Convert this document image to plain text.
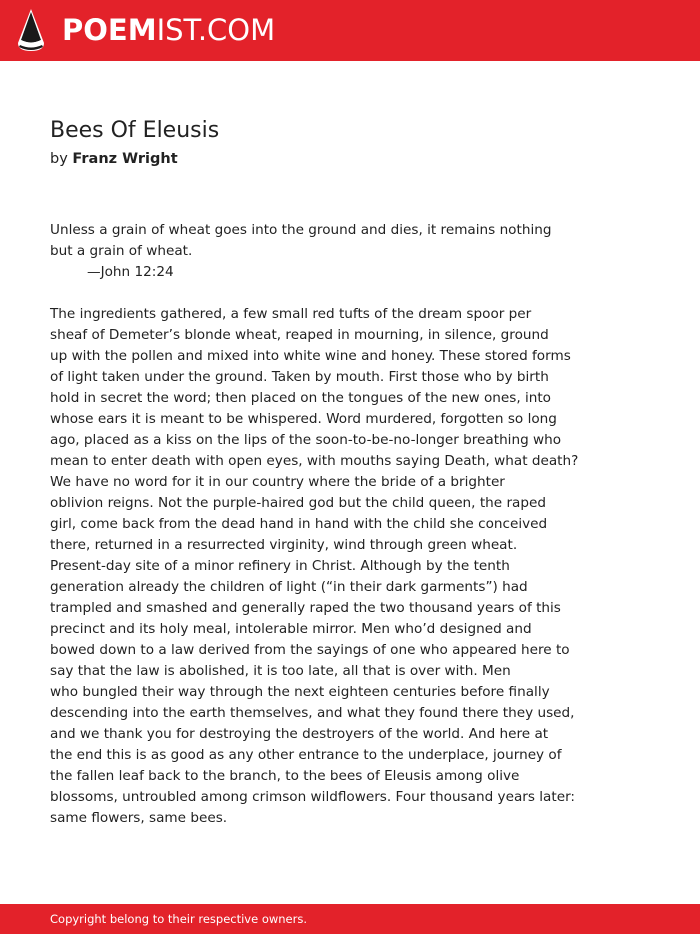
POEMIST.COM
Bees Of Eleusis
by Franz Wright
Unless a grain of wheat goes into the ground and dies, it remains nothing
but a grain of wheat.
—John 12:24
The ingredients gathered, a few small red tufts of the dream spoor per
sheaf of Demeter’s blonde wheat, reaped in mourning, in silence, ground
up with the pollen and mixed into white wine and honey. These stored forms
of light taken under the ground. Taken by mouth. First those who by birth
hold in secret the word; then placed on the tongues of the new ones, into
whose ears it is meant to be whispered. Word murdered, forgotten so long
ago, placed as a kiss on the lips of the soon-to-be-no-longer breathing who
mean to enter death with open eyes, with mouths saying Death, what death?
We have no word for it in our country where the bride of a brighter
oblivion reigns. Not the purple-haired god but the child queen, the raped
girl, come back from the dead hand in hand with the child she conceived
there, returned in a resurrected virginity, wind through green wheat.
Present-day site of a minor refinery in Christ. Although by the tenth
generation already the children of light (“in their dark garments”) had
trampled and smashed and generally raped the two thousand years of this
precinct and its holy meal, intolerable mirror. Men who’d designed and
bowed down to a law derived from the sayings of one who appeared here to
say that the law is abolished, it is too late, all that is over with. Men
who bungled their way through the next eighteen centuries before finally
descending into the earth themselves, and what they found there they used,
and we thank you for destroying the destroyers of the world. And here at
the end this is as good as any other entrance to the underplace, journey of
the fallen leaf back to the branch, to the bees of Eleusis among olive
blossoms, untroubled among crimson wildflowers. Four thousand years later:
same flowers, same bees.
Copyright belong to their respective owners.
